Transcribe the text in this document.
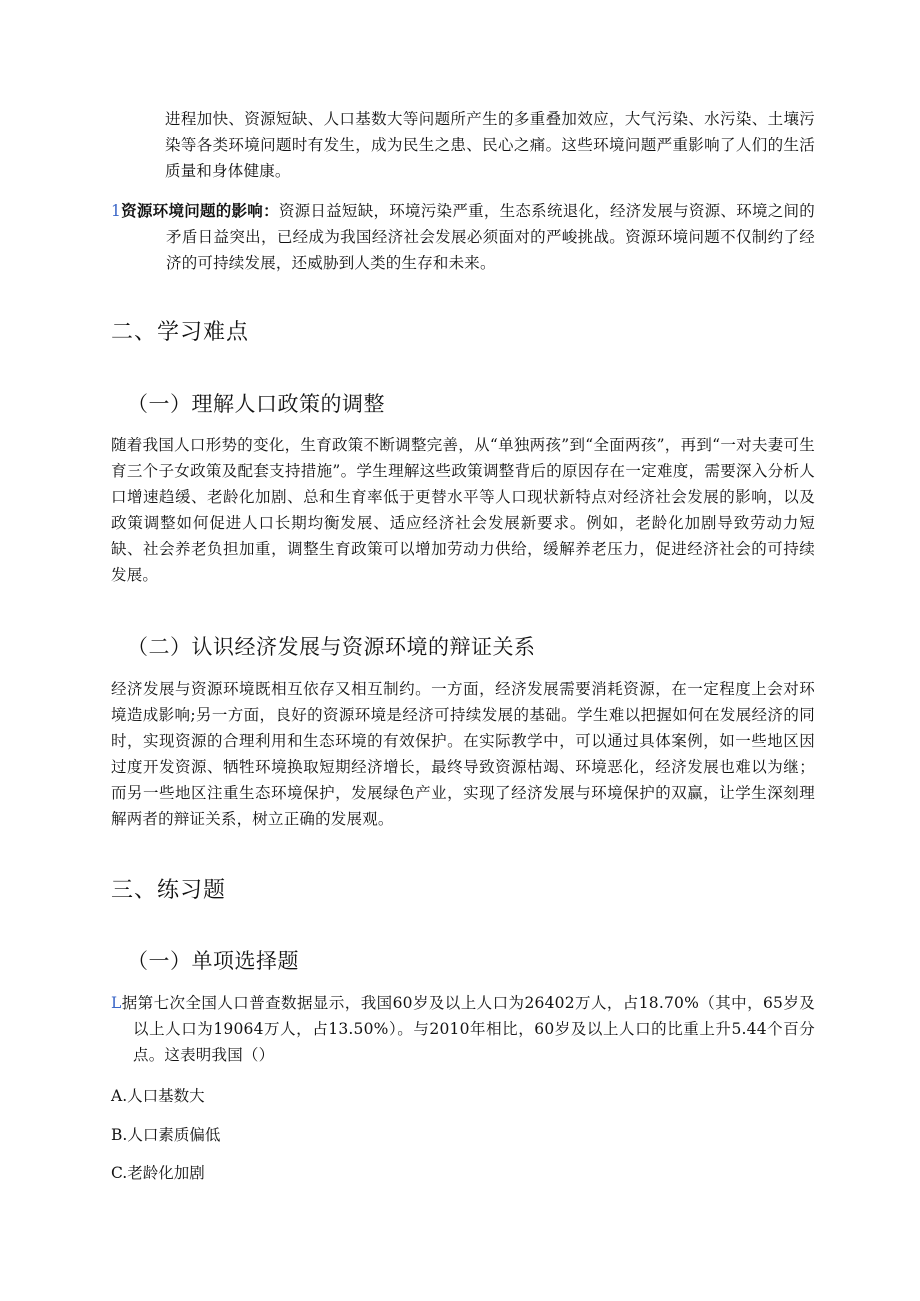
进程加快、资源短缺、人口基数大等问题所产生的多重叠加效应，大气污染、水污染、土壤污染等各类环境问题时有发生，成为民生之患、民心之痛。这些环境问题严重影响了人们的生活质量和身体健康。

1资源环境问题的影响：资源日益短缺，环境污染严重，生态系统退化，经济发展与资源、环境之间的矛盾日益突出，已经成为我国经济社会发展必须面对的严峻挑战。资源环境问题不仅制约了经济的可持续发展，还威胁到人类的生存和未来。

二、学习难点
（一）理解人口政策的调整

随着我国人口形势的变化，生育政策不断调整完善，从“单独两孩”到“全面两孩”，再到“一对夫妻可生育三个子女政策及配套支持措施”。学生理解这些政策调整背后的原因存在一定难度，需要深入分析人口增速趋缓、老龄化加剧、总和生育率低于更替水平等人口现状新特点对经济社会发展的影响，以及政策调整如何促进人口长期均衡发展、适应经济社会发展新要求。例如，老龄化加剧导致劳动力短缺、社会养老负担加重，调整生育政策可以增加劳动力供给，缓解养老压力，促进经济社会的可持续发展。

（二）认识经济发展与资源环境的辩证关系

经济发展与资源环境既相互依存又相互制约。一方面，经济发展需要消耗资源，在一定程度上会对环境造成影响;另一方面，良好的资源环境是经济可持续发展的基础。学生难以把握如何在发展经济的同时，实现资源的合理利用和生态环境的有效保护。在实际教学中，可以通过具体案例，如一些地区因过度开发资源、牺牲环境换取短期经济增长，最终导致资源枯竭、环境恶化，经济发展也难以为继；而另一些地区注重生态环境保护，发展绿色产业，实现了经济发展与环境保护的双赢，让学生深刻理解两者的辩证关系，树立正确的发展观。

三、练习题
（一）单项选择题

L据第七次全国人口普查数据显示，我国60岁及以上人口为26402万人，占18.70%（其中，65岁及以上人口为19064万人，占13.50%）。与2010年相比，60岁及以上人口的比重上升5.44个百分点。这表明我国（）

A.人口基数大

B.人口素质偏低

C.老龄化加剧
